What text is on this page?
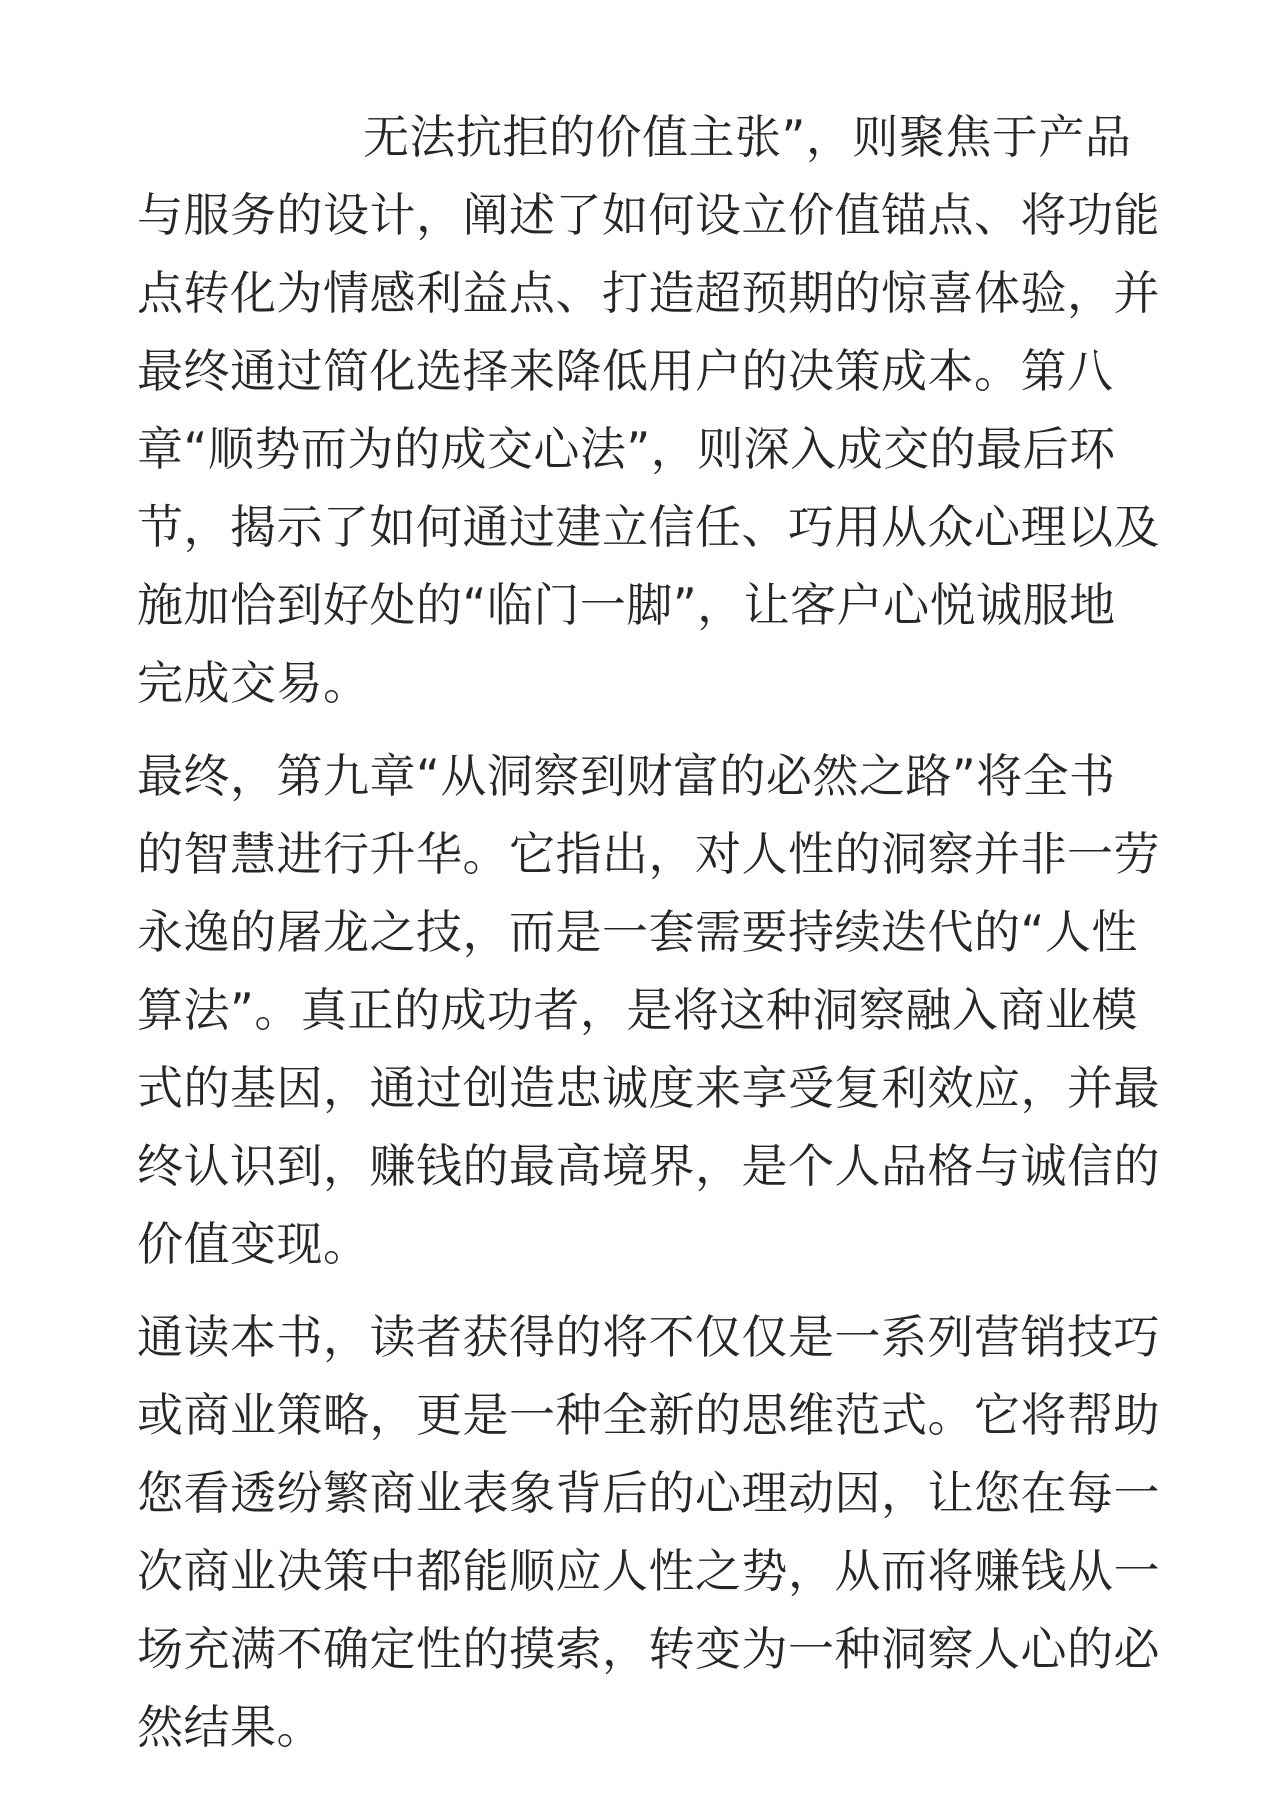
无法抗拒的价值主张”，则聚焦于产品
与服务的设计，阐述了如何设立价值锚点、将功能
点转化为情感利益点、打造超预期的惊喜体验，并
最终通过简化选择来降低用户的决策成本。第八
章“顺势而为的成交心法”，则深入成交的最后环
节，揭示了如何通过建立信任、巧用从众心理以及
施加恰到好处的“临门一脚”，让客户心悦诚服地
完成交易。
最终，第九章“从洞察到财富的必然之路”将全书
的智慧进行升华。它指出，对人性的洞察并非一劳
永逸的屠龙之技，而是一套需要持续迭代的“人性
算法”。真正的成功者，是将这种洞察融入商业模
式的基因，通过创造忠诚度来享受复利效应，并最
终认识到，赚钱的最高境界，是个人品格与诚信的
价值变现。
通读本书，读者获得的将不仅仅是一系列营销技巧
或商业策略，更是一种全新的思维范式。它将帮助
您看透纷繁商业表象背后的心理动因，让您在每一
次商业决策中都能顺应人性之势，从而将赚钱从一
场充满不确定性的摸索，转变为一种洞察人心的必
然结果。
